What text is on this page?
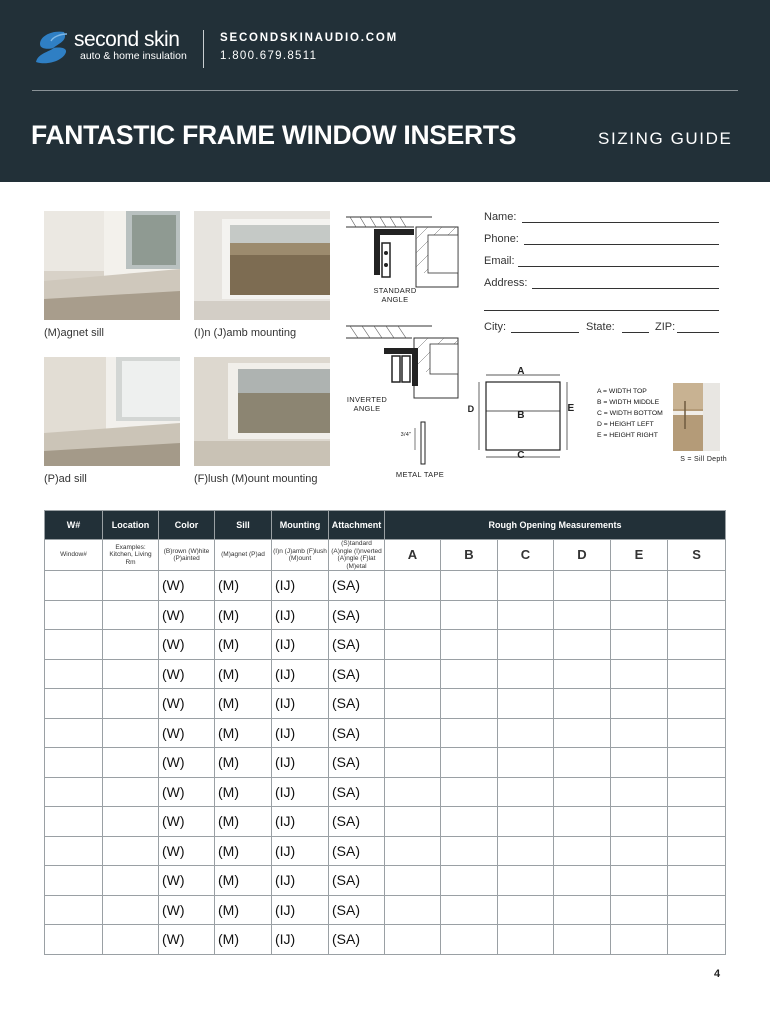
second skin
auto & home insulation
SECONDSKINAUDIO.COM
1.800.679.8511
FANTASTIC FRAME WINDOW INSERTS	SIZING GUIDE
(M)agnet sill	(I)n (J)amb mounting
(P)ad sill	(F)lush (M)ount mounting
STANDARD ANGLE
INVERTED ANGLE
3/4"
METAL TAPE
A
B
C
D	E
A = WIDTH TOP
B = WIDTH MIDDLE
C = WIDTH BOTTOM
D = HEIGHT LEFT
E = HEIGHT RIGHT
S = Sill Depth
Name:
Phone:
Email:
Address:
City:	State:	ZIP:
W#	Location	Color	Sill	Mounting	Attachment	Rough Opening Measurements					
Window#	Examples: Kitchen, Living Rm	(B)rown (W)hite (P)ainted	(M)agnet (P)ad	(I)n (J)amb (F)lush (M)ount	(S)tandard (A)ngle (I)nverted (A)ngle (F)lat (M)etal	A	B	C	D	E	S
		(W)	(M)	(IJ)	(SA)						
		(W)	(M)	(IJ)	(SA)						
		(W)	(M)	(IJ)	(SA)						
		(W)	(M)	(IJ)	(SA)						
		(W)	(M)	(IJ)	(SA)						
		(W)	(M)	(IJ)	(SA)						
		(W)	(M)	(IJ)	(SA)						
		(W)	(M)	(IJ)	(SA)						
		(W)	(M)	(IJ)	(SA)						
		(W)	(M)	(IJ)	(SA)						
		(W)	(M)	(IJ)	(SA)						
		(W)	(M)	(IJ)	(SA)						
		(W)	(M)	(IJ)	(SA)						
4
